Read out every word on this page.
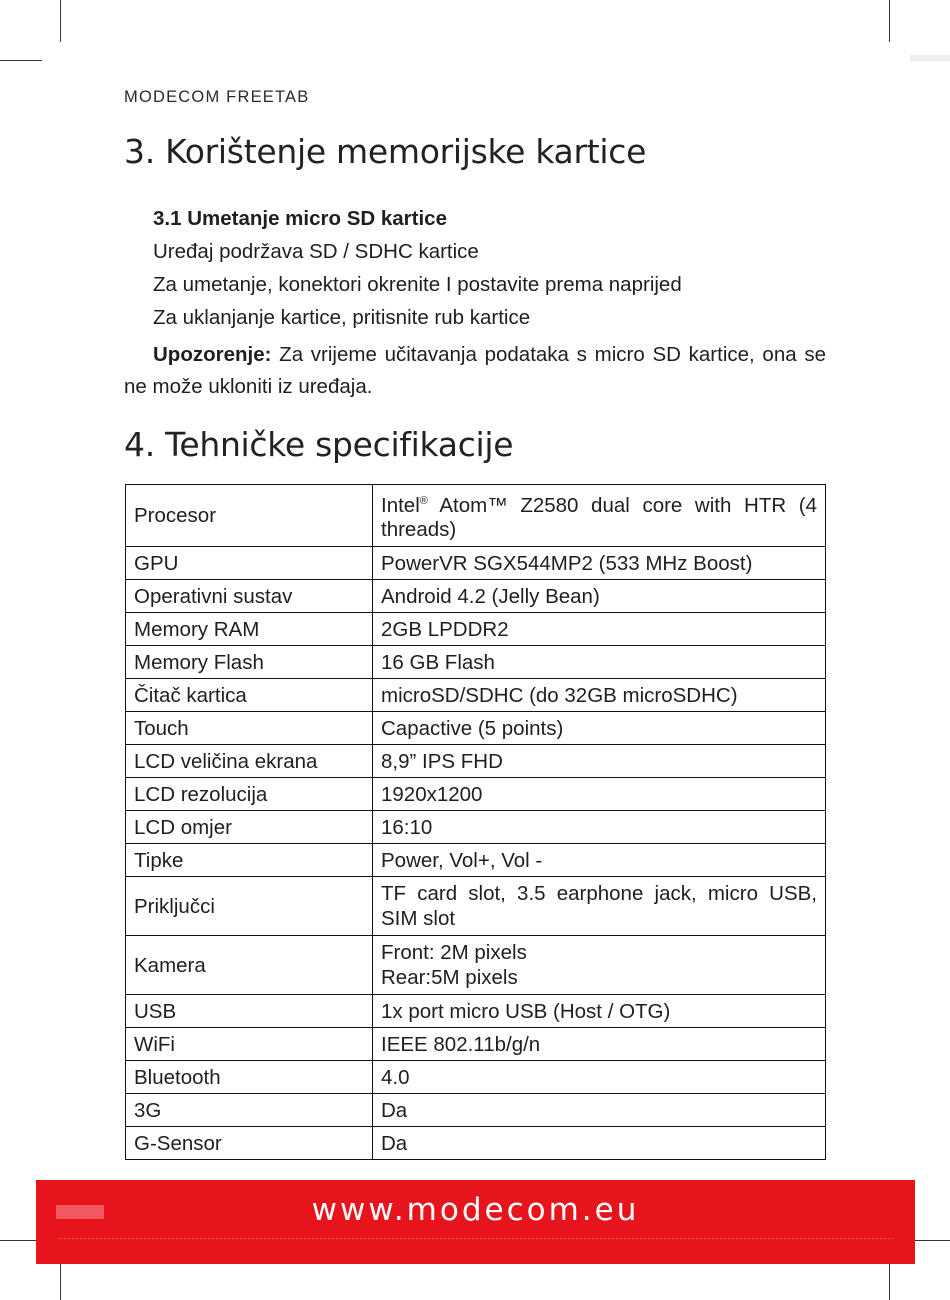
MODECOM FREETAB
3. Korištenje memorijske kartice
3.1 Umetanje micro SD kartice
Uređaj podržava SD / SDHC kartice
Za umetanje, konektori okrenite I postavite prema naprijed
Za uklanjanje kartice, pritisnite rub kartice

Upozorenje: Za vrijeme učitavanja podataka s micro SD kartice, ona se ne može ukloniti iz uređaja.

4. Tehničke specifikacije
Procesor	Intel® Atom™ Z2580 dual core with HTR (4 threads)
GPU	PowerVR SGX544MP2 (533 MHz Boost)
Operativni sustav	Android 4.2 (Jelly Bean)
Memory RAM	2GB LPDDR2
Memory Flash	16 GB Flash
Čitač kartica	microSD/SDHC (do 32GB microSDHC)
Touch	Capactive (5 points)
LCD veličina ekrana	8,9” IPS FHD
LCD rezolucija	1920x1200
LCD omjer	16:10
Tipke	Power, Vol+, Vol -
Priključci	TF card slot, 3.5 earphone jack, micro USB, SIM slot
Kamera	Front: 2M pixels
Rear:5M pixels

USB	1x port micro USB (Host / OTG)
WiFi	IEEE 802.11b/g/n
Bluetooth	4.0
3G	Da
G-Sensor	Da
www.modecom.eu
